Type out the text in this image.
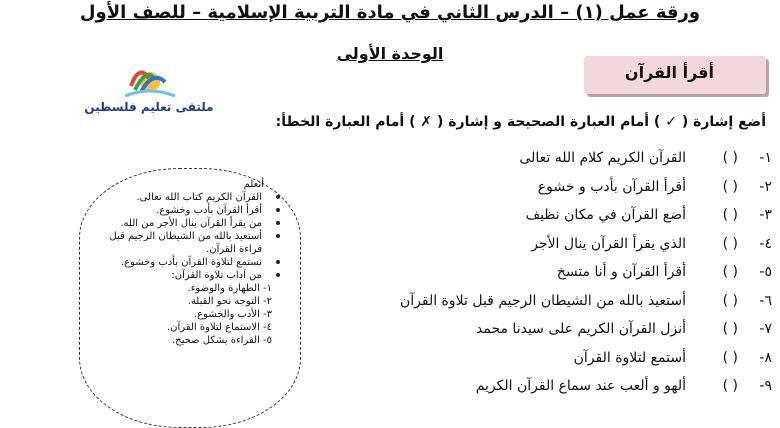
ورقة عمل (١) – الدرس الثاني في مادة التربية الإسلامية – للصف الأول
الوحدة الأولى
أقرأ القرآن
ملتقى تعليم فلسطين
أضع إشارة ( ✓ ) أمام العبارة الصحيحة و إشارة ( ✗ ) أمام العبارة الخطأ:
١-( )القرآن الكريم كلام الله تعالى
٢-( )أقرأ القرآن بأدب و خشوع
٣-( )أضع القرآن في مكان نظيف
٤-( )الذي يقرأ القرآن ينال الأجر
٥-( )أقرأ القرآن و أنا متسخ
٦-( )أستعيذ بالله من الشيطان الرجيم قبل تلاوة القرآن
٧-( )أنزل القرآن الكريم على سيدنا محمد
٨-( )أستمع لتلاوة القرآن
٩-( )ألهو و ألعب عند سماع القرآن الكريم
أتعلم
القرآن الكريم كتاب الله تعالى.
أقرأ القرآن بأدب وخشوع.
من يقرأ القرآن ينال الأجر من الله.
أستعيذ بالله من الشيطان الرجيم قبل قراءة القرآن.
نستمع لتلاوة القرآن بأدب وخشوع.
من آداب تلاوة القرآن:
١- الطهارة والوضوء.
٢- التوجه نحو القبلة.
٣- الأدب والخشوع.
٤- الاستماع لتلاوة القرآن.
٥- القراءة بشكل صحيح.
